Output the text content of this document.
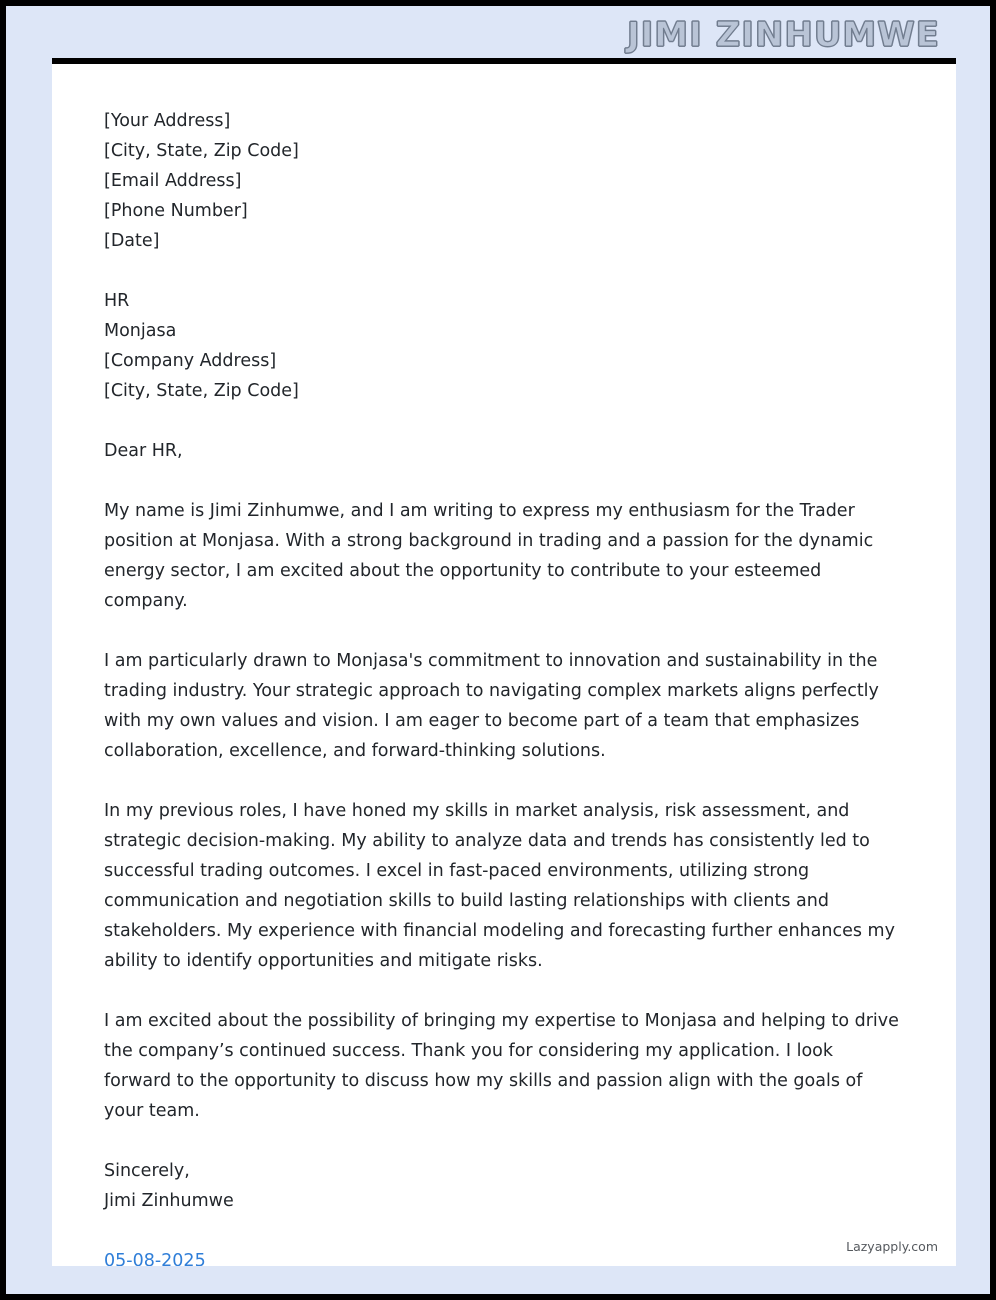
JIMI ZINHUMWE
[Your Address]
[City, State, Zip Code]
[Email Address]
[Phone Number]
[Date]
HR
Monjasa
[Company Address]
[City, State, Zip Code]
Dear HR,

My name is Jimi Zinhumwe, and I am writing to express my enthusiasm for the Trader position at Monjasa. With a strong background in trading and a passion for the dynamic energy sector, I am excited about the opportunity to contribute to your esteemed company.

I am particularly drawn to Monjasa's commitment to innovation and sustainability in the trading industry. Your strategic approach to navigating complex markets aligns perfectly with my own values and vision. I am eager to become part of a team that emphasizes collaboration, excellence, and forward-thinking solutions.

In my previous roles, I have honed my skills in market analysis, risk assessment, and strategic decision-making. My ability to analyze data and trends has consistently led to successful trading outcomes. I excel in fast-paced environments, utilizing strong communication and negotiation skills to build lasting relationships with clients and stakeholders. My experience with financial modeling and forecasting further enhances my ability to identify opportunities and mitigate risks.

I am excited about the possibility of bringing my expertise to Monjasa and helping to drive the company’s continued success. Thank you for considering my application. I look forward to the opportunity to discuss how my skills and passion align with the goals of your team.

Sincerely,
Jimi Zinhumwe
05-08-2025
Lazyapply.com
